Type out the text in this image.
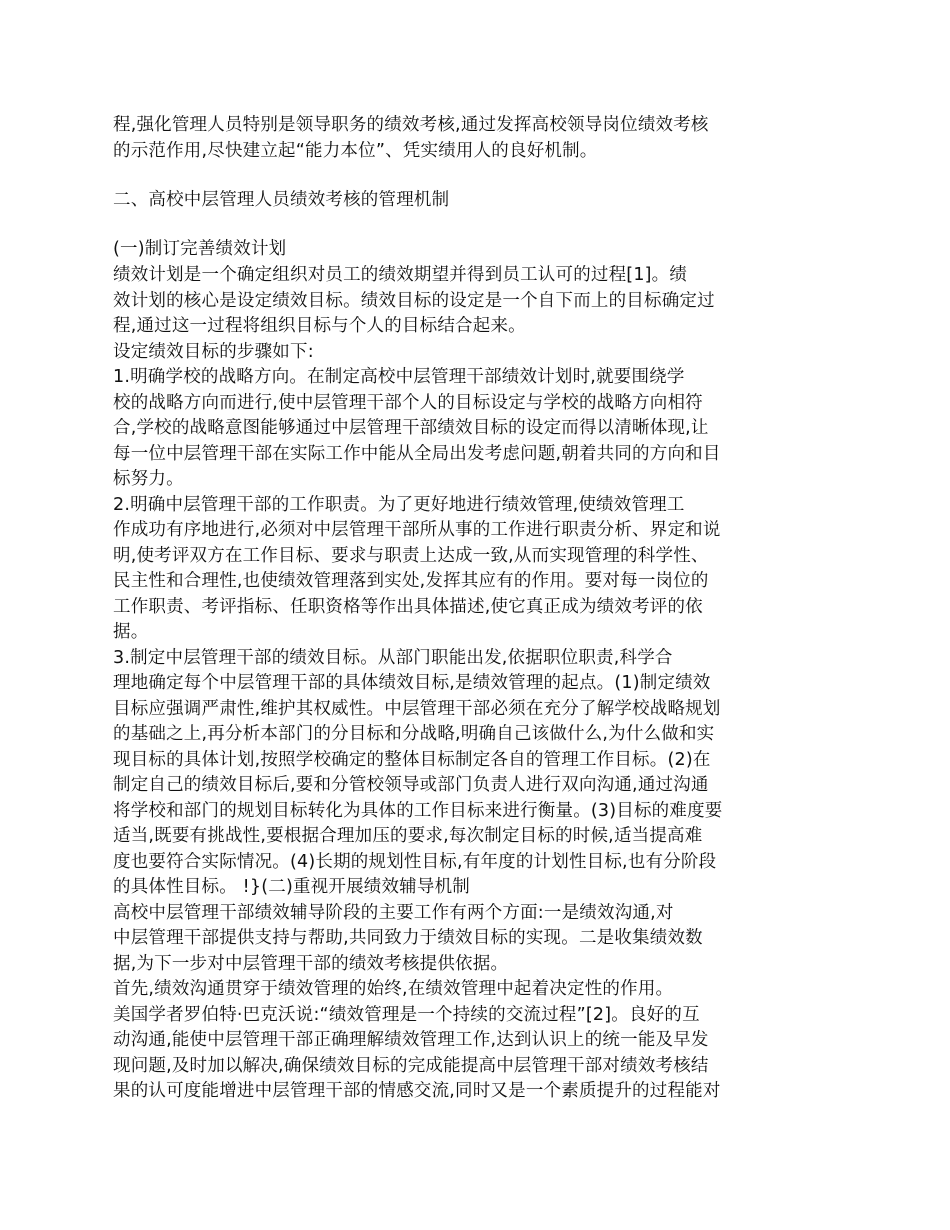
程,强化管理人员特别是领导职务的绩效考核,通过发挥高校领导岗位绩效考核
的示范作用,尽快建立起“能力本位”、凭实绩用人的良好机制。
二、高校中层管理人员绩效考核的管理机制
(一)制订完善绩效计划
绩效计划是一个确定组织对员工的绩效期望并得到员工认可的过程[1]。绩
效计划的核心是设定绩效目标。绩效目标的设定是一个自下而上的目标确定过
程,通过这一过程将组织目标与个人的目标结合起来。
设定绩效目标的步骤如下:
1.明确学校的战略方向。在制定高校中层管理干部绩效计划时,就要围绕学
校的战略方向而进行,使中层管理干部个人的目标设定与学校的战略方向相符
合,学校的战略意图能够通过中层管理干部绩效目标的设定而得以清晰体现,让
每一位中层管理干部在实际工作中能从全局出发考虑问题,朝着共同的方向和目
标努力。
2.明确中层管理干部的工作职责。为了更好地进行绩效管理,使绩效管理工
作成功有序地进行,必须对中层管理干部所从事的工作进行职责分析、界定和说
明,使考评双方在工作目标、要求与职责上达成一致,从而实现管理的科学性、
民主性和合理性,也使绩效管理落到实处,发挥其应有的作用。要对每一岗位的
工作职责、考评指标、任职资格等作出具体描述,使它真正成为绩效考评的依
据。
3.制定中层管理干部的绩效目标。从部门职能出发,依据职位职责,科学合
理地确定每个中层管理干部的具体绩效目标,是绩效管理的起点。(1)制定绩效
目标应强调严肃性,维护其权威性。中层管理干部必须在充分了解学校战略规划
的基础之上,再分析本部门的分目标和分战略,明确自己该做什么,为什么做和实
现目标的具体计划,按照学校确定的整体目标制定各自的管理工作目标。(2)在
制定自己的绩效目标后,要和分管校领导或部门负责人进行双向沟通,通过沟通
将学校和部门的规划目标转化为具体的工作目标来进行衡量。(3)目标的难度要
适当,既要有挑战性,要根据合理加压的要求,每次制定目标的时候,适当提高难
度也要符合实际情况。(4)长期的规划性目标,有年度的计划性目标,也有分阶段
的具体性目标。 !}(二)重视开展绩效辅导机制
高校中层管理干部绩效辅导阶段的主要工作有两个方面:一是绩效沟通,对
中层管理干部提供支持与帮助,共同致力于绩效目标的实现。二是收集绩效数
据,为下一步对中层管理干部的绩效考核提供依据。
首先,绩效沟通贯穿于绩效管理的始终,在绩效管理中起着决定性的作用。
美国学者罗伯特·巴克沃说:“绩效管理是一个持续的交流过程”[2]。良好的互
动沟通,能使中层管理干部正确理解绩效管理工作,达到认识上的统一能及早发
现问题,及时加以解决,确保绩效目标的完成能提高中层管理干部对绩效考核结
果的认可度能增进中层管理干部的情感交流,同时又是一个素质提升的过程能对
